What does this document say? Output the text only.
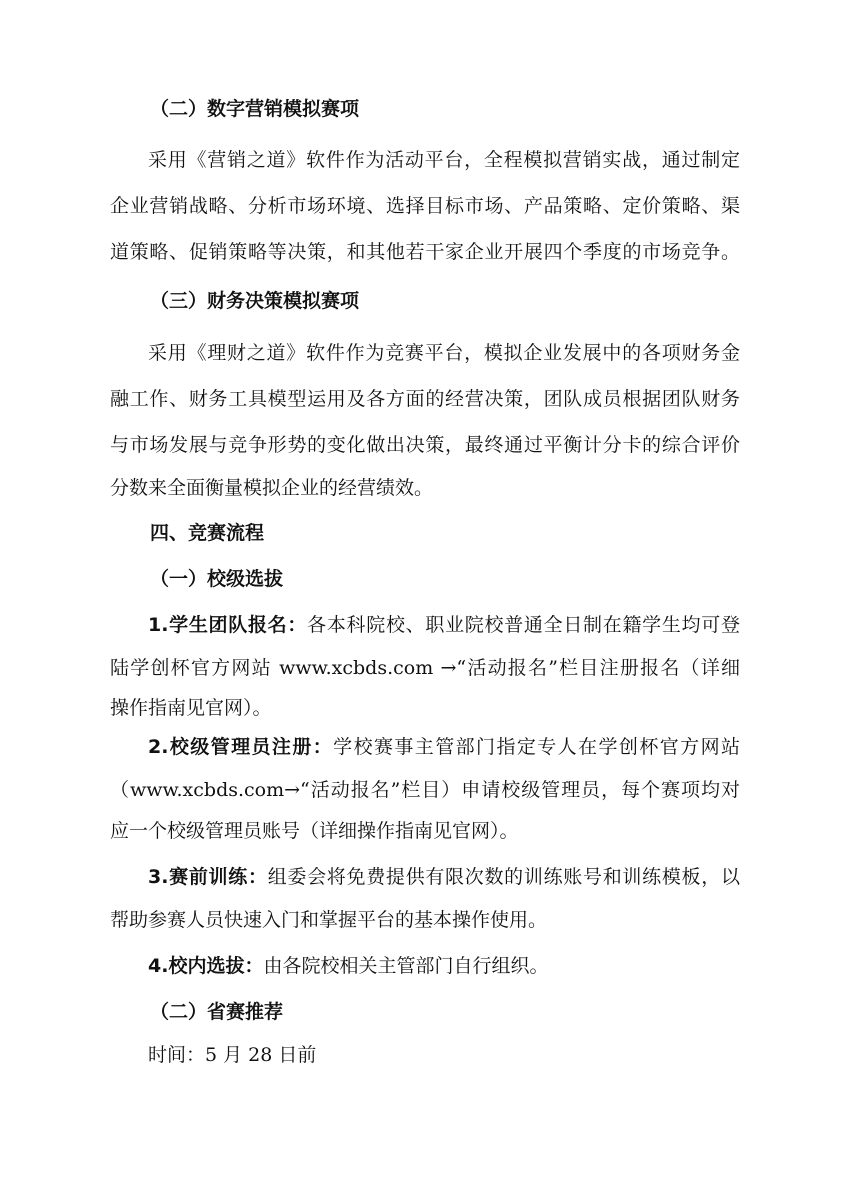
（二）数字营销模拟赛项
采用《营销之道》软件作为活动平台，全程模拟营销实战，通过制定
企业营销战略、分析市场环境、选择目标市场、产品策略、定价策略、渠
道策略、促销策略等决策，和其他若干家企业开展四个季度的市场竞争。
（三）财务决策模拟赛项
采用《理财之道》软件作为竞赛平台，模拟企业发展中的各项财务金
融工作、财务工具模型运用及各方面的经营决策，团队成员根据团队财务
与市场发展与竞争形势的变化做出决策，最终通过平衡计分卡的综合评价
分数来全面衡量模拟企业的经营绩效。
四、竞赛流程
（一）校级选拔
1.学生团队报名：各本科院校、职业院校普通全日制在籍学生均可登
陆学创杯官方网站 www.xcbds.com →“活动报名”栏目注册报名（详细
操作指南见官网）。
2.校级管理员注册：学校赛事主管部门指定专人在学创杯官方网站
（www.xcbds.com→“活动报名”栏目）申请校级管理员，每个赛项均对
应一个校级管理员账号（详细操作指南见官网）。
3.赛前训练：组委会将免费提供有限次数的训练账号和训练模板，以
帮助参赛人员快速入门和掌握平台的基本操作使用。
4.校内选拔：由各院校相关主管部门自行组织。
（二）省赛推荐
时间：5 月 28 日前
